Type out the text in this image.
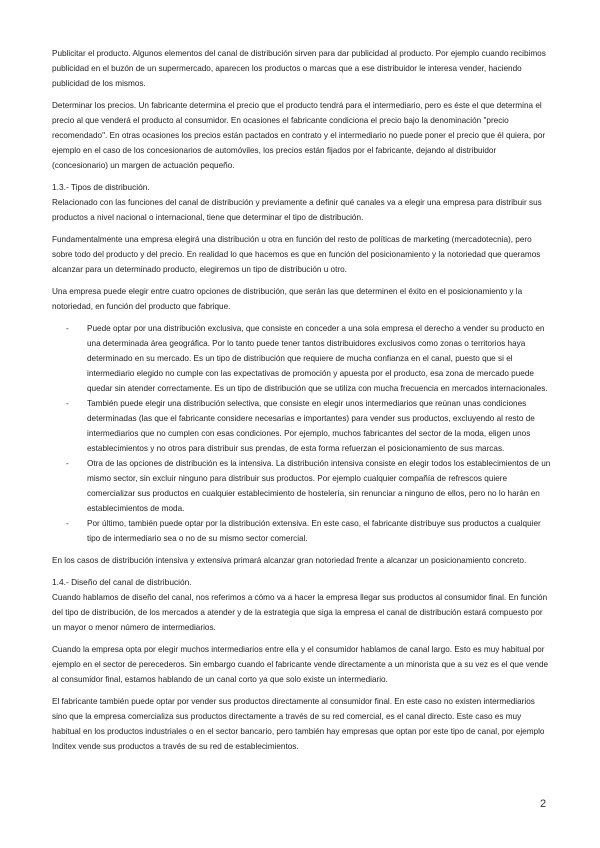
Publicitar el producto. Algunos elementos del canal de distribución sirven para dar publicidad al producto. Por ejemplo cuando recibimos publicidad en el buzón de un supermercado, aparecen los productos o marcas que a ese distribuidor le interesa vender, haciendo publicidad de los mismos.

Determinar los precios. Un fabricante determina el precio que el producto tendrá para el intermediario, pero es éste el que determina el precio al que venderá el producto al consumidor. En ocasiones el fabricante condiciona el precio bajo la denominación "precio recomendado". En otras ocasiones los precios están pactados en contrato y el intermediario no puede poner el precio que él quiera, por ejemplo en el caso de los concesionarios de automóviles, los precios están fijados por el fabricante, dejando al distribuidor (concesionario) un margen de actuación pequeño.

1.3.- Tipos de distribución.

Relacionado con las funciones del canal de distribución y previamente a definir qué canales va a elegir una empresa para distribuir sus productos a nivel nacional o internacional, tiene que determinar el tipo de distribución.

Fundamentalmente una empresa elegirá una distribución u otra en función del resto de políticas de marketing (mercadotecnia), pero sobre todo del producto y del precio. En realidad lo que hacemos es que en función del posicionamiento y la notoriedad que queramos alcanzar para un determinado producto, elegiremos un tipo de distribución u otro.

Una empresa puede elegir entre cuatro opciones de distribución, que serán las que determinen el éxito en el posicionamiento y la notoriedad, en función del producto que fabrique.

- Puede optar por una distribución exclusiva, que consiste en conceder a una sola empresa el derecho a vender su producto en una determinada área geográfica. Por lo tanto puede tener tantos distribuidores exclusivos como zonas o territorios haya determinado en su mercado. Es un tipo de distribución que requiere de mucha confianza en el canal, puesto que si el intermediario elegido no cumple con las expectativas de promoción y apuesta por el producto, esa zona de mercado puede quedar sin atender correctamente. Es un tipo de distribución que se utiliza con mucha frecuencia en mercados internacionales.
- También puede elegir una distribución selectiva, que consiste en elegir unos intermediarios que reúnan unas condiciones determinadas (las que el fabricante considere necesarias e importantes) para vender sus productos, excluyendo al resto de intermediarios que no cumplen con esas condiciones. Por ejemplo, muchos fabricantes del sector de la moda, eligen unos establecimientos y no otros para distribuir sus prendas, de esta forma refuerzan el posicionamiento de sus marcas.
- Otra de las opciones de distribución es la intensiva. La distribución intensiva consiste en elegir todos los establecimientos de un mismo sector, sin excluir ninguno para distribuir sus productos. Por ejemplo cualquier compañía de refrescos quiere comercializar sus productos en cualquier establecimiento de hostelería, sin renunciar a ninguno de ellos, pero no lo harán en establecimientos de moda.
- Por último, también puede optar por la distribución extensiva. En este caso, el fabricante distribuye sus productos a cualquier tipo de intermediario sea o no de su mismo sector comercial.

En los casos de distribución intensiva y extensiva primará alcanzar gran notoriedad frente a alcanzar un posicionamiento concreto.

1.4.- Diseño del canal de distribución.

Cuando hablamos de diseño del canal, nos referimos a cómo va a hacer la empresa llegar sus productos al consumidor final. En función del tipo de distribución, de los mercados a atender y de la estrategia que siga la empresa el canal de distribución estará compuesto por un mayor o menor número de intermediarios.

Cuando la empresa opta por elegir muchos intermediarios entre ella y el consumidor hablamos de canal largo. Esto es muy habitual por ejemplo en el sector de perecederos. Sin embargo cuando el fabricante vende directamente a un minorista que a su vez es el que vende al consumidor final, estamos hablando de un canal corto ya que solo existe un intermediario.

El fabricante también puede optar por vender sus productos directamente al consumidor final. En este caso no existen intermediarios sino que la empresa comercializa sus productos directamente a través de su red comercial, es el canal directo. Este caso es muy habitual en los productos industriales o en el sector bancario, pero también hay empresas que optan por este tipo de canal, por ejemplo Inditex vende sus productos a través de su red de establecimientos.

2
